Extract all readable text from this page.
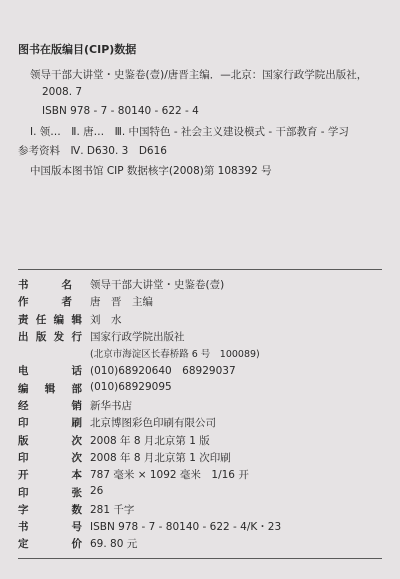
图书在版编目(CIP)数据
领导干部大讲堂・史鉴卷(壹)/唐晋主编．—北京：国家行政学院出版社，
2008. 7
ISBN 978 - 7 - 80140 - 622 - 4
Ⅰ. 领…　Ⅱ. 唐…　Ⅲ. 中国特色 - 社会主义建设模式 - 干部教育 - 学习
参考资料　Ⅳ. D630. 3　D616
中国版本图书馆 CIP 数据核字(2008)第 108392 号
书　　名	领导干部大讲堂・史鉴卷(壹)
作　　者	唐　晋　主编
责任编辑 刘　水
出版发行 国家行政学院出版社
(北京市海淀区长春桥路 6 号　100089)
电　　话 (010)68920640　68929037
编 辑 部 (010)68929095
经　　销 新华书店
印　　刷 北京博图彩色印刷有限公司
版　　次 2008 年 8 月北京第 1 版
印　　次 2008 年 8 月北京第 1 次印刷
开　　本 787 毫米 × 1092 毫米　1/16 开
印　　张 26
字　　数 281 千字
书　　号 ISBN 978 - 7 - 80140 - 622 - 4/K・23
定　　价 69. 80 元
